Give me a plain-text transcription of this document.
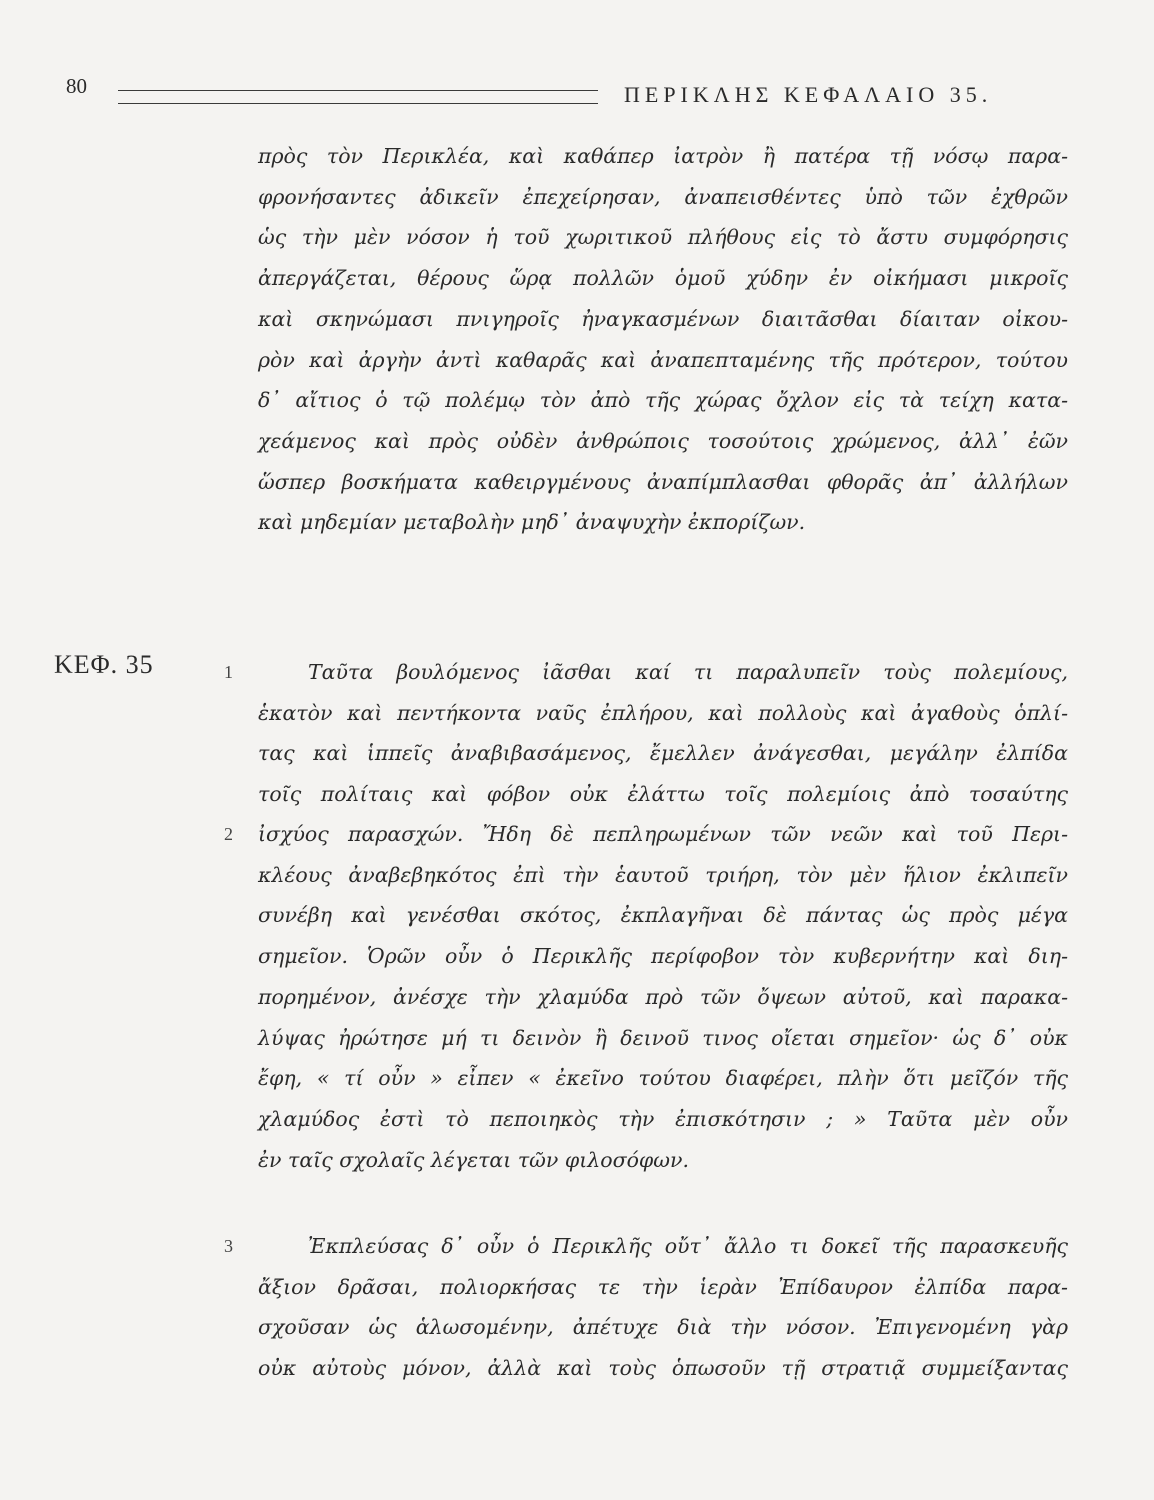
80	ΠΕΡΙΚΛΗΣ ΚΕΦΑΛΑΙΟ 35.
πρὸς τὸν Περικλέα, καὶ καθάπερ ἰατρὸν ἢ πατέρα τῇ νόσῳ παρα-
φρονήσαντες ἀδικεῖν ἐπεχείρησαν, ἀναπεισθέντες ὑπὸ τῶν ἐχθρῶν
ὡς τὴν μὲν νόσον ἡ τοῦ χωριτικοῦ πλήθους εἰς τὸ ἄστυ συμφόρησις
ἀπεργάζεται, θέρους ὥρᾳ πολλῶν ὁμοῦ χύδην ἐν οἰκήμασι μικροῖς
καὶ σκηνώμασι πνιγηροῖς ἠναγκασμένων διαιτᾶσθαι δίαιταν οἰκου-
ρὸν καὶ ἀργὴν ἀντὶ καθαρᾶς καὶ ἀναπεπταμένης τῆς πρότερον, τούτου
δ᾿ αἴτιος ὁ τῷ πολέμῳ τὸν ἀπὸ τῆς χώρας ὄχλον εἰς τὰ τείχη κατα-
χεάμενος καὶ πρὸς οὐδὲν ἀνθρώποις τοσούτοις χρώμενος, ἀλλ᾿ ἐῶν
ὥσπερ βοσκήματα καθειργμένους ἀναπίμπλασθαι φθορᾶς ἀπ᾿ ἀλλήλων
καὶ μηδεμίαν μεταβολὴν μηδ᾿ ἀναψυχὴν ἐκπορίζων.
ΚΕΦ. 35	1	Ταῦτα βουλόμενος ἰᾶσθαι καί τι παραλυπεῖν τοὺς πολεμίους,
ἑκατὸν καὶ πεντήκοντα ναῦς ἐπλήρου, καὶ πολλοὺς καὶ ἀγαθοὺς ὁπλί-
τας καὶ ἱππεῖς ἀναβιβασάμενος, ἔμελλεν ἀνάγεσθαι, μεγάλην ἐλπίδα
τοῖς πολίταις καὶ φόβον οὐκ ἐλάττω τοῖς πολεμίοις ἀπὸ τοσαύτης
2 ἰσχύος παρασχών. Ἤδη δὲ πεπληρωμένων τῶν νεῶν καὶ τοῦ Περι-
κλέους ἀναβεβηκότος ἐπὶ τὴν ἑαυτοῦ τριήρη, τὸν μὲν ἥλιον ἐκλιπεῖν
συνέβη καὶ γενέσθαι σκότος, ἐκπλαγῆναι δὲ πάντας ὡς πρὸς μέγα
σημεῖον. Ὁρῶν οὖν ὁ Περικλῆς περίφοβον τὸν κυβερνήτην καὶ διη-
πορημένον, ἀνέσχε τὴν χλαμύδα πρὸ τῶν ὄψεων αὐτοῦ, καὶ παρακα-
λύψας ἠρώτησε μή τι δεινὸν ἢ δεινοῦ τινος οἴεται σημεῖον· ὡς δ᾿ οὐκ
ἔφη, « τί οὖν » εἶπεν « ἐκεῖνο τούτου διαφέρει, πλὴν ὅτι μεῖζόν τῆς
χλαμύδος ἐστὶ τὸ πεποιηκὸς τὴν ἐπισκότησιν ; » Ταῦτα μὲν οὖν
ἐν ταῖς σχολαῖς λέγεται τῶν φιλοσόφων.
3	Ἐκπλεύσας δ᾿ οὖν ὁ Περικλῆς οὔτ᾿ ἄλλο τι δοκεῖ τῆς παρασκευῆς
ἄξιον δρᾶσαι, πολιορκήσας τε τὴν ἱερὰν Ἐπίδαυρον ἐλπίδα παρα-
σχοῦσαν ὡς ἁλωσομένην, ἀπέτυχε διὰ τὴν νόσον. Ἐπιγενομένη γὰρ
οὐκ αὐτοὺς μόνον, ἀλλὰ καὶ τοὺς ὁπωσοῦν τῇ στρατιᾷ συμμείξαντας
